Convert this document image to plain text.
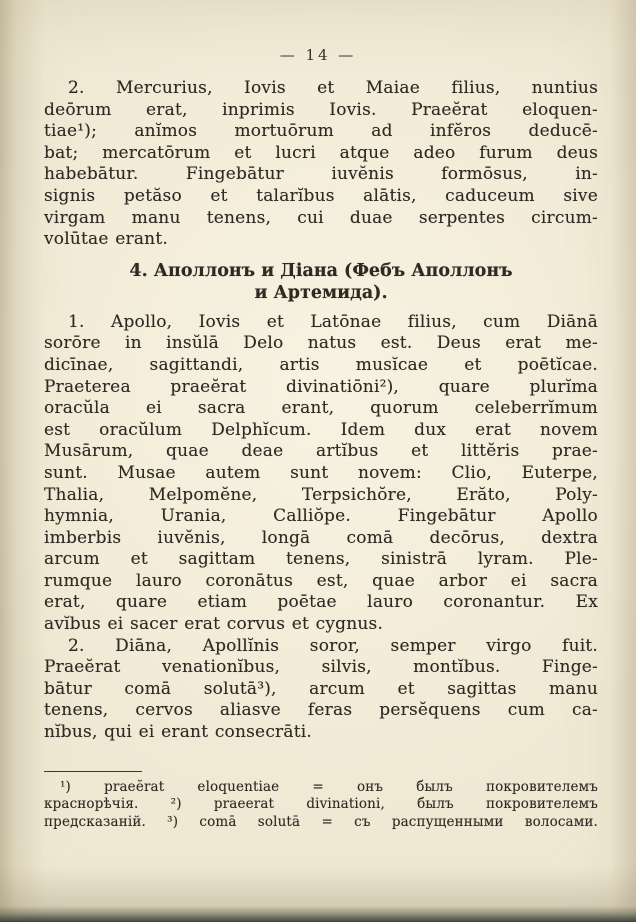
— 14 —
2. Mercurius, Iovis et Maiae filius, nuntius
deōrum erat, inprimis Iovis. Praeĕrat eloquen-
tiae¹); anĭmos mortuōrum ad infĕros deducē-
bat; mercatōrum et lucri atque adeo furum deus
habebātur. Fingebātur iuvĕnis formōsus, in-
signis petăso et talarĭbus alātis, caduceum sive
virgam manu tenens, cui duae serpentes circum-
volūtae erant.
4. Аполлонъ и Діана (Фебъ Аполлонъ
и Артемида).
1. Apollo, Iovis et Latōnae filius, cum Diānā
sorōre in insŭlā Delo natus est. Deus erat me-
dicīnae, sagittandi, artis musĭcae et poētĭcae.
Praeterea praeĕrat divinatiōni²), quare plurĭma
oracŭla ei sacra erant, quorum celeberrĭmum
est oracŭlum Delphĭcum. Idem dux erat novem
Musārum, quae deae artĭbus et littĕris prae-
sunt. Musae autem sunt novem: Clio, Euterpe,
Thalia, Melpomĕne, Terpsichŏre, Erăto, Poly-
hymnia, Urania, Calliŏpe. Fingebātur Apollo
imberbis iuvĕnis, longā comā decōrus, dextra
arcum et sagittam tenens, sinistrā lyram. Ple-
rumque lauro coronātus est, quae arbor ei sacra
erat, quare etiam poētae lauro coronantur. Ex
avĭbus ei sacer erat corvus et cygnus.
2. Diāna, Apollĭnis soror, semper virgo fuit.
Praeĕrat venationĭbus, silvis, montĭbus. Finge-
bātur comā solutā³), arcum et sagittas manu
tenens, cervos aliasve feras persĕquens cum ca-
nĭbus, qui ei erant consecrāti.
¹) praeĕrat eloquentiae = онъ былъ покровителемъ
краснорѣчія. ²) praeerat divinationi, былъ покровителемъ
предсказаній. ³) comā solutā = съ распущенными волосами.
